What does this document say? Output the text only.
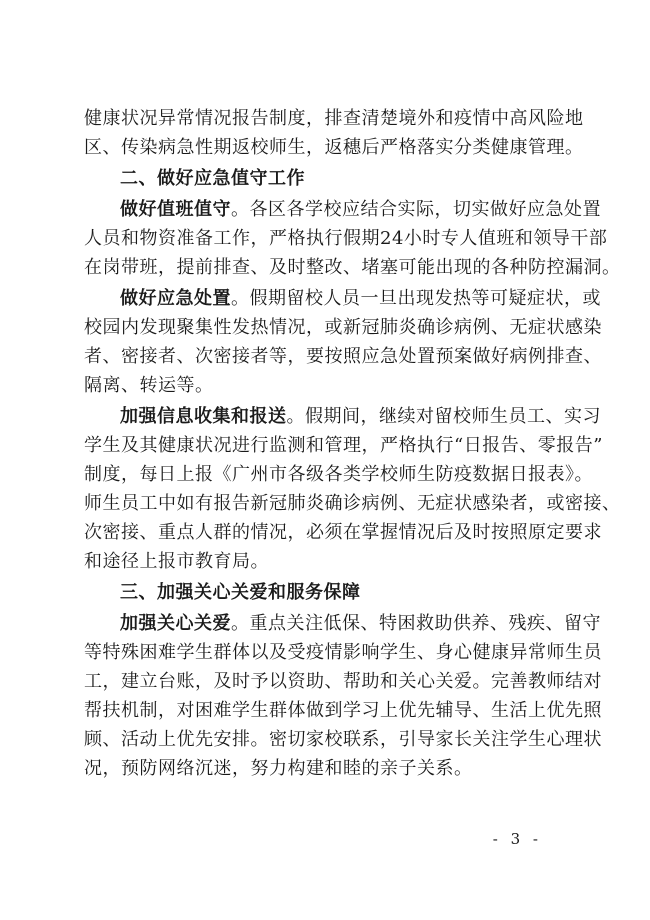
健康状况异常情况报告制度，排查清楚境外和疫情中高风险地
区、传染病急性期返校师生，返穗后严格落实分类健康管理。
二、做好应急值守工作
做好值班值守。各区各学校应结合实际，切实做好应急处置
人员和物资准备工作，严格执行假期24小时专人值班和领导干部
在岗带班，提前排查、及时整改、堵塞可能出现的各种防控漏洞。
做好应急处置。假期留校人员一旦出现发热等可疑症状，或
校园内发现聚集性发热情况，或新冠肺炎确诊病例、无症状感染
者、密接者、次密接者等，要按照应急处置预案做好病例排查、
隔离、转运等。
加强信息收集和报送。假期间，继续对留校师生员工、实习
学生及其健康状况进行监测和管理，严格执行“日报告、零报告”
制度，每日上报《广州市各级各类学校师生防疫数据日报表》。
师生员工中如有报告新冠肺炎确诊病例、无症状感染者，或密接、
次密接、重点人群的情况，必须在掌握情况后及时按照原定要求
和途径上报市教育局。
三、加强关心关爱和服务保障
加强关心关爱。重点关注低保、特困救助供养、残疾、留守
等特殊困难学生群体以及受疫情影响学生、身心健康异常师生员
工，建立台账，及时予以资助、帮助和关心关爱。完善教师结对
帮扶机制，对困难学生群体做到学习上优先辅导、生活上优先照
顾、活动上优先安排。密切家校联系，引导家长关注学生心理状
况，预防网络沉迷，努力构建和睦的亲子关系。
- 3 -
